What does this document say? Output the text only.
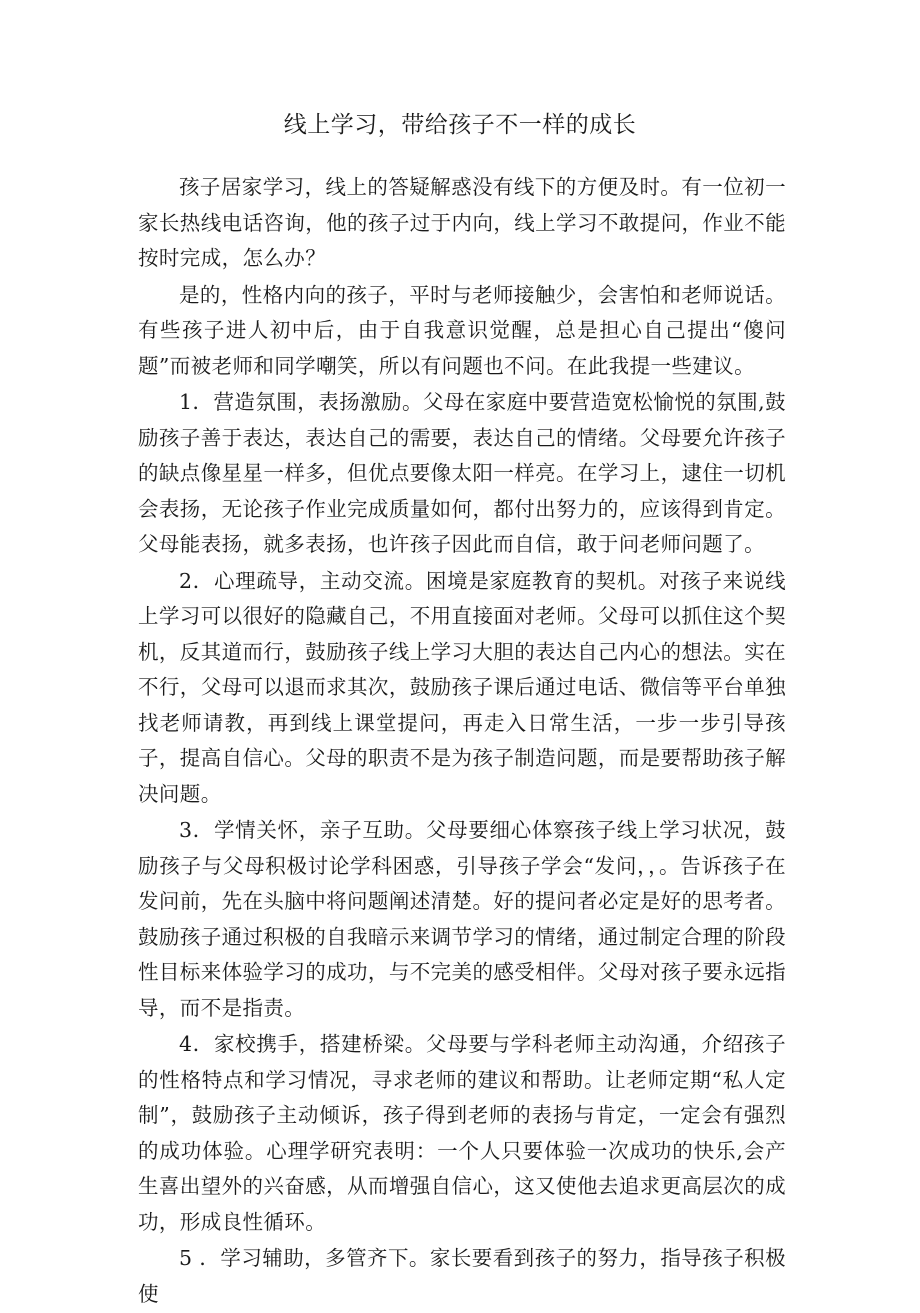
线上学习，带给孩子不一样的成长

孩子居家学习，线上的答疑解惑没有线下的方便及时。有一位初一家长热线电话咨询，他的孩子过于内向，线上学习不敢提问，作业不能按时完成，怎么办？

是的，性格内向的孩子，平时与老师接触少，会害怕和老师说话。有些孩子进人初中后，由于自我意识觉醒，总是担心自己提出“傻问题”而被老师和同学嘲笑，所以有问题也不问。在此我提一些建议。

1．营造氛围，表扬激励。父母在家庭中要营造宽松愉悦的氛围,鼓励孩子善于表达，表达自己的需要，表达自己的情绪。父母要允许孩子的缺点像星星一样多，但优点要像太阳一样亮。在学习上，逮住一切机会表扬，无论孩子作业完成质量如何，都付出努力的，应该得到肯定。父母能表扬，就多表扬，也许孩子因此而自信，敢于问老师问题了。

2．心理疏导，主动交流。困境是家庭教育的契机。对孩子来说线上学习可以很好的隐藏自己，不用直接面对老师。父母可以抓住这个契机，反其道而行，鼓励孩子线上学习大胆的表达自己内心的想法。实在不行，父母可以退而求其次，鼓励孩子课后通过电话、微信等平台单独找老师请教，再到线上课堂提问，再走入日常生活，一步一步引导孩子，提高自信心。父母的职责不是为孩子制造问题，而是要帮助孩子解决问题。

3．学情关怀，亲子互助。父母要细心体察孩子线上学习状况，鼓励孩子与父母积极讨论学科困惑，引导孩子学会“发问，，。告诉孩子在发问前，先在头脑中将问题阐述清楚。好的提问者必定是好的思考者。鼓励孩子通过积极的自我暗示来调节学习的情绪，通过制定合理的阶段性目标来体验学习的成功，与不完美的感受相伴。父母对孩子要永远指导，而不是指责。

4．家校携手，搭建桥梁。父母要与学科老师主动沟通，介绍孩子的性格特点和学习情况，寻求老师的建议和帮助。让老师定期“私人定制”，鼓励孩子主动倾诉，孩子得到老师的表扬与肯定，一定会有强烈的成功体验。心理学研究表明：一个人只要体验一次成功的快乐,会产生喜出望外的兴奋感，从而增强自信心，这又使他去追求更高层次的成功，形成良性循环。

5 ．学习辅助，多管齐下。家长要看到孩子的努力，指导孩子积极使
